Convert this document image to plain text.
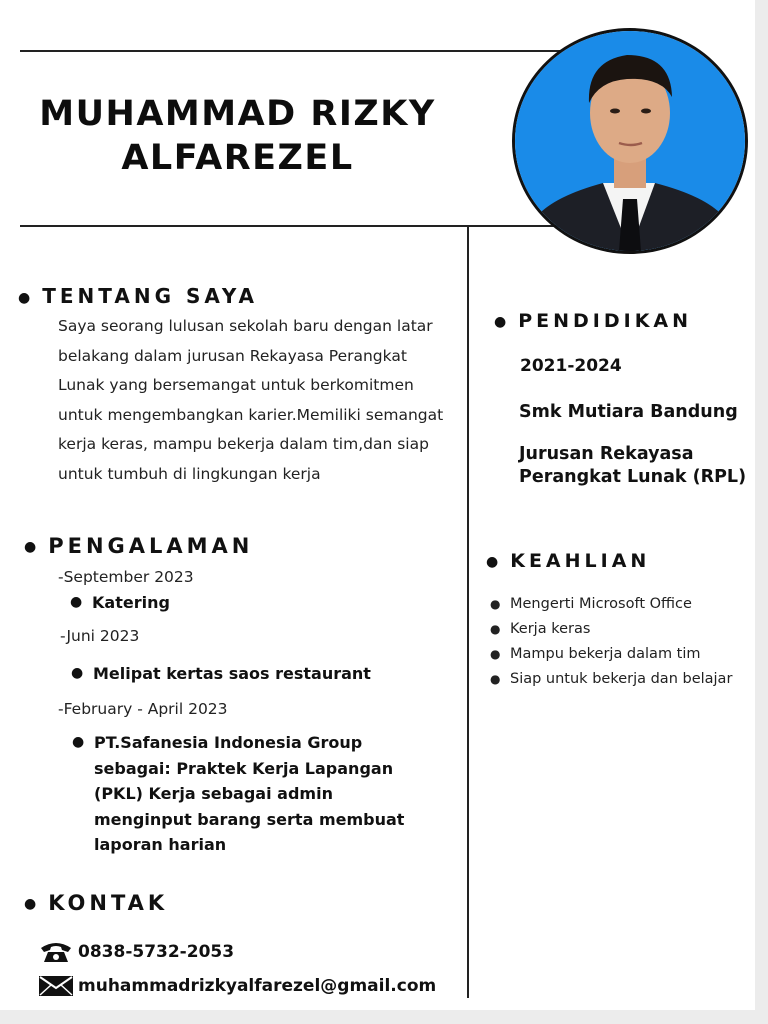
MUHAMMAD RIZKY
ALFAREZEL
● TENTANG SAYA
Saya seorang lulusan sekolah baru dengan latar belakang dalam jurusan Rekayasa Perangkat Lunak yang bersemangat untuk berkomitmen untuk mengembangkan karier.Memiliki semangat kerja keras, mampu bekerja dalam tim,dan siap untuk tumbuh di lingkungan kerja
● PENGALAMAN
-September 2023
● Katering
-Juni 2023
● Melipat kertas saos restaurant
-February - April 2023
● PT.Safanesia Indonesia Group sebagai: Praktek Kerja Lapangan (PKL) Kerja sebagai admin menginput barang serta membuat laporan harian
● KONTAK
0838-5732-2053
muhammadrizkyalfarezel@gmail.com
● PENDIDIKAN
2021-2024
Smk Mutiara Bandung
Jurusan Rekayasa
Perangkat Lunak (RPL)
● KEAHLIAN
● Mengerti Microsoft Office
● Kerja keras
● Mampu bekerja dalam tim
● Siap untuk bekerja dan belajar
